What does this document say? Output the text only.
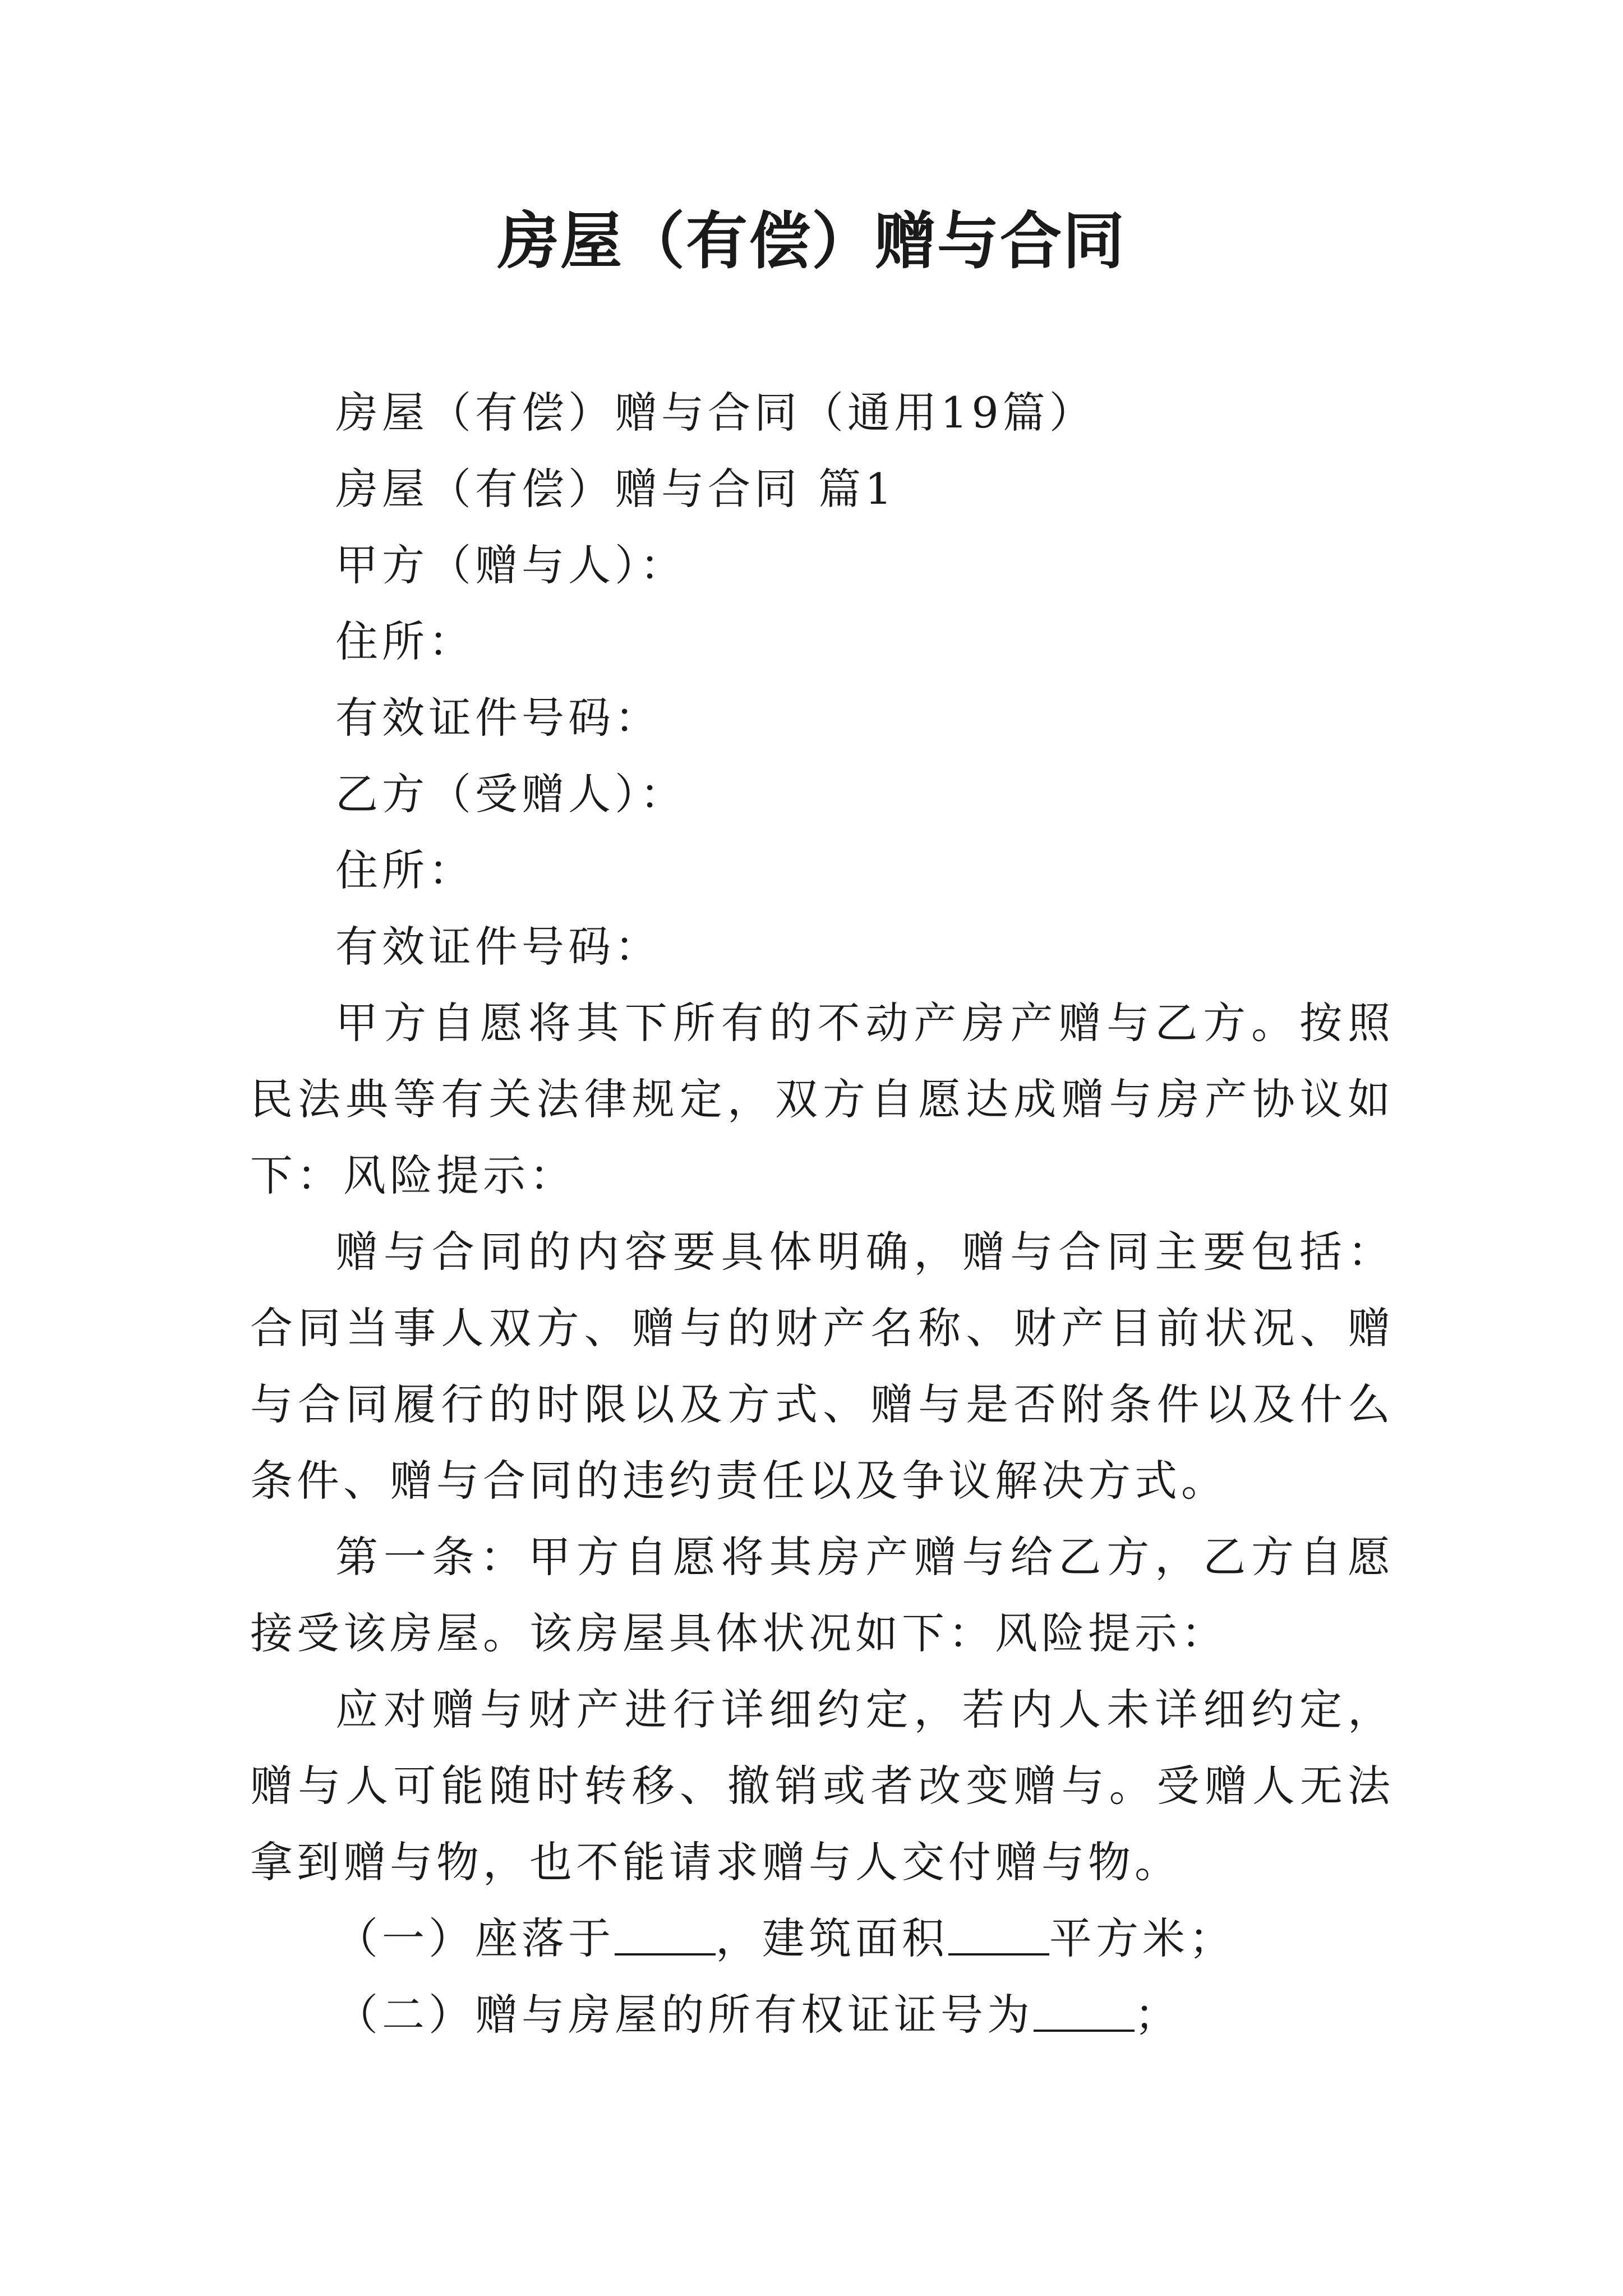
房屋（有偿）赠与合同

房屋（有偿）赠与合同（通用19篇）

房屋（有偿）赠与合同 篇1

甲方（赠与人）：

住所：

有效证件号码：

乙方（受赠人）：

住所：

有效证件号码：

甲方自愿将其下所有的不动产房产赠与乙方。按照民法典等有关法律规定，双方自愿达成赠与房产协议如下：风险提示：

赠与合同的内容要具体明确，赠与合同主要包括：合同当事人双方、赠与的财产名称、财产目前状况、赠与合同履行的时限以及方式、赠与是否附条件以及什么条件、赠与合同的违约责任以及争议解决方式。

第一条：甲方自愿将其房产赠与给乙方，乙方自愿接受该房屋。该房屋具体状况如下：风险提示：

应对赠与财产进行详细约定，若内人未详细约定，赠与人可能随时转移、撤销或者改变赠与。受赠人无法拿到赠与物，也不能请求赠与人交付赠与物。

（一）座落于 ，建筑面积 平方米；

（二）赠与房屋的所有权证证号为 ；
